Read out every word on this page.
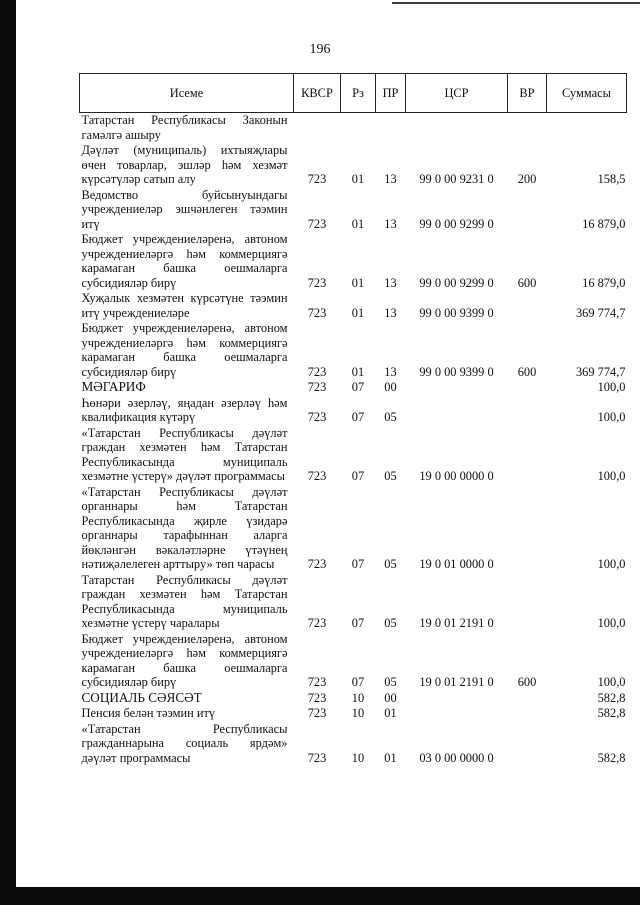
196
Исеме	КВСР	Рз	ПР	ЦСР	ВР	Суммасы
Татарстан Республикасы Законын гамәлгә ашыру						
Дәүләт (муниципаль) ихтыяҗлары өчен товарлар, эшләр һәм хезмәт күрсәтүләр сатып алу	723	01	13	99 0 00 9231 0	200	158,5
Ведомство буйсынуындагы учреждениеләр эшчәнлеген тәэмин итү	723	01	13	99 0 00 9299 0		16 879,0
Бюджет учреждениеләренә, автоном учреждениеләргә һәм коммерциягә карамаган башка оешмаларга субсидияләр бирү	723	01	13	99 0 00 9299 0	600	16 879,0
Хуҗалык хезмәтен күрсәтүне тәэмин итү учреждениеләре	723	01	13	99 0 00 9399 0		369 774,7
Бюджет учреждениеләренә, автоном учреждениеләргә һәм коммерциягә карамаган башка оешмаларга субсидияләр бирү	723	01	13	99 0 00 9399 0	600	369 774,7
МӘГАРИФ	723	07	00			100,0
Һөнәри әзерләү, яңадан әзерләү һәм квалификация күтәрү	723	07	05			100,0
«Татарстан Республикасы дәүләт граждан хезмәтен һәм Татарстан Республикасында муниципаль хезмәтне үстерү» дәүләт программасы	723	07	05	19 0 00 0000 0		100,0
«Татарстан Республикасы дәүләт органнары һәм Татарстан Республикасында җирле үзидарә органнары тарафыннан аларга йөкләнгән вәкаләтләрне үтәүнең нәтиҗәлелеген арттыру» төп чарасы	723	07	05	19 0 01 0000 0		100,0
Татарстан Республикасы дәүләт граждан хезмәтен һәм Татарстан Республикасында муниципаль хезмәтне үстерү чаралары	723	07	05	19 0 01 2191 0		100,0
Бюджет учреждениеләренә, автоном учреждениеләргә һәм коммерциягә карамаган башка оешмаларга субсидияләр бирү	723	07	05	19 0 01 2191 0	600	100,0
СОЦИАЛЬ СӘЯСӘТ	723	10	00			582,8
Пенсия белән тәэмин итү	723	10	01			582,8
«Татарстан Республикасы гражданнарына социаль ярдәм» дәүләт программасы	723	10	01	03 0 00 0000 0		582,8
